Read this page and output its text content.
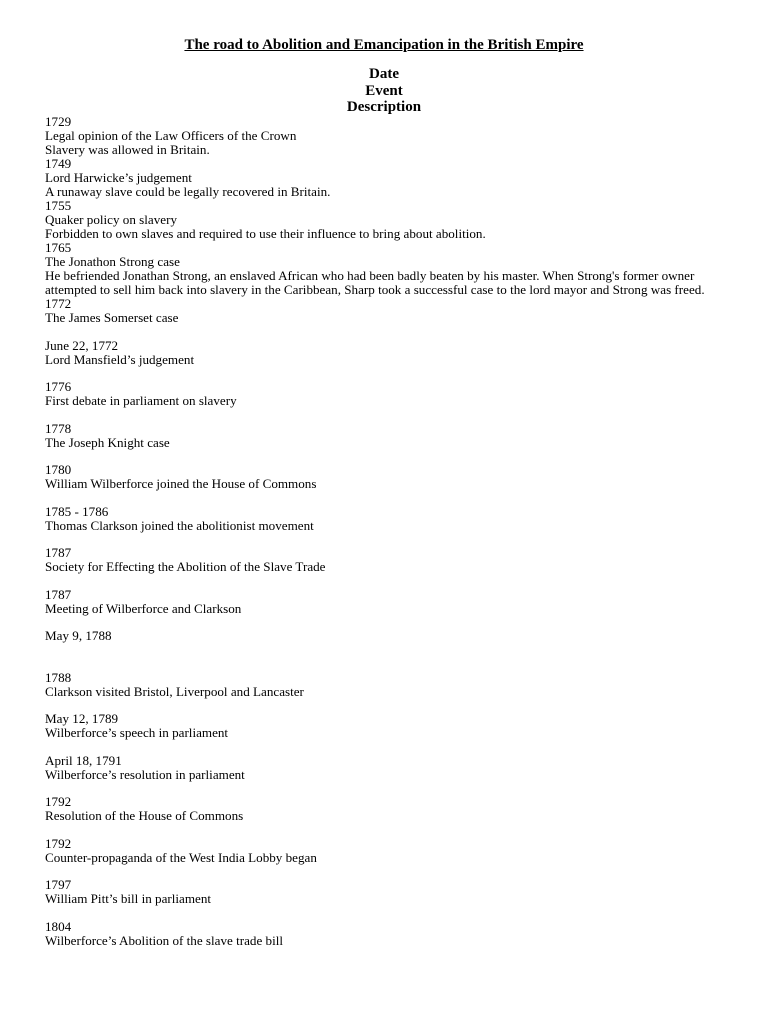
The road to Abolition and Emancipation in the British Empire
Date
Event
Description
1729
Legal opinion of the Law Officers of the Crown
Slavery was allowed in Britain.
1749
Lord Harwicke’s judgement
A runaway slave could be legally recovered in Britain.
1755
Quaker policy on slavery
Forbidden to own slaves and required to use their influence to bring about abolition.
1765
The Jonathon Strong case
He befriended Jonathan Strong, an enslaved African who had been badly beaten by his master. When Strong's former owner attempted to sell him back into slavery in the Caribbean, Sharp took a successful case to the lord mayor and Strong was freed.
1772
The James Somerset case
June 22, 1772
Lord Mansfield’s judgement
1776
First debate in parliament on slavery
1778
The Joseph Knight case
1780
William Wilberforce joined the House of Commons
1785 - 1786
Thomas Clarkson joined the abolitionist movement
1787
Society for Effecting the Abolition of the Slave Trade
1787
Meeting of Wilberforce and Clarkson
May 9, 1788
1788
Clarkson visited Bristol, Liverpool and Lancaster
May 12, 1789
Wilberforce’s speech in parliament
April 18, 1791
Wilberforce’s resolution in parliament
1792
Resolution of the House of Commons
1792
Counter-propaganda of the West India Lobby began
1797
William Pitt’s bill in parliament
1804
Wilberforce’s Abolition of the slave trade bill
